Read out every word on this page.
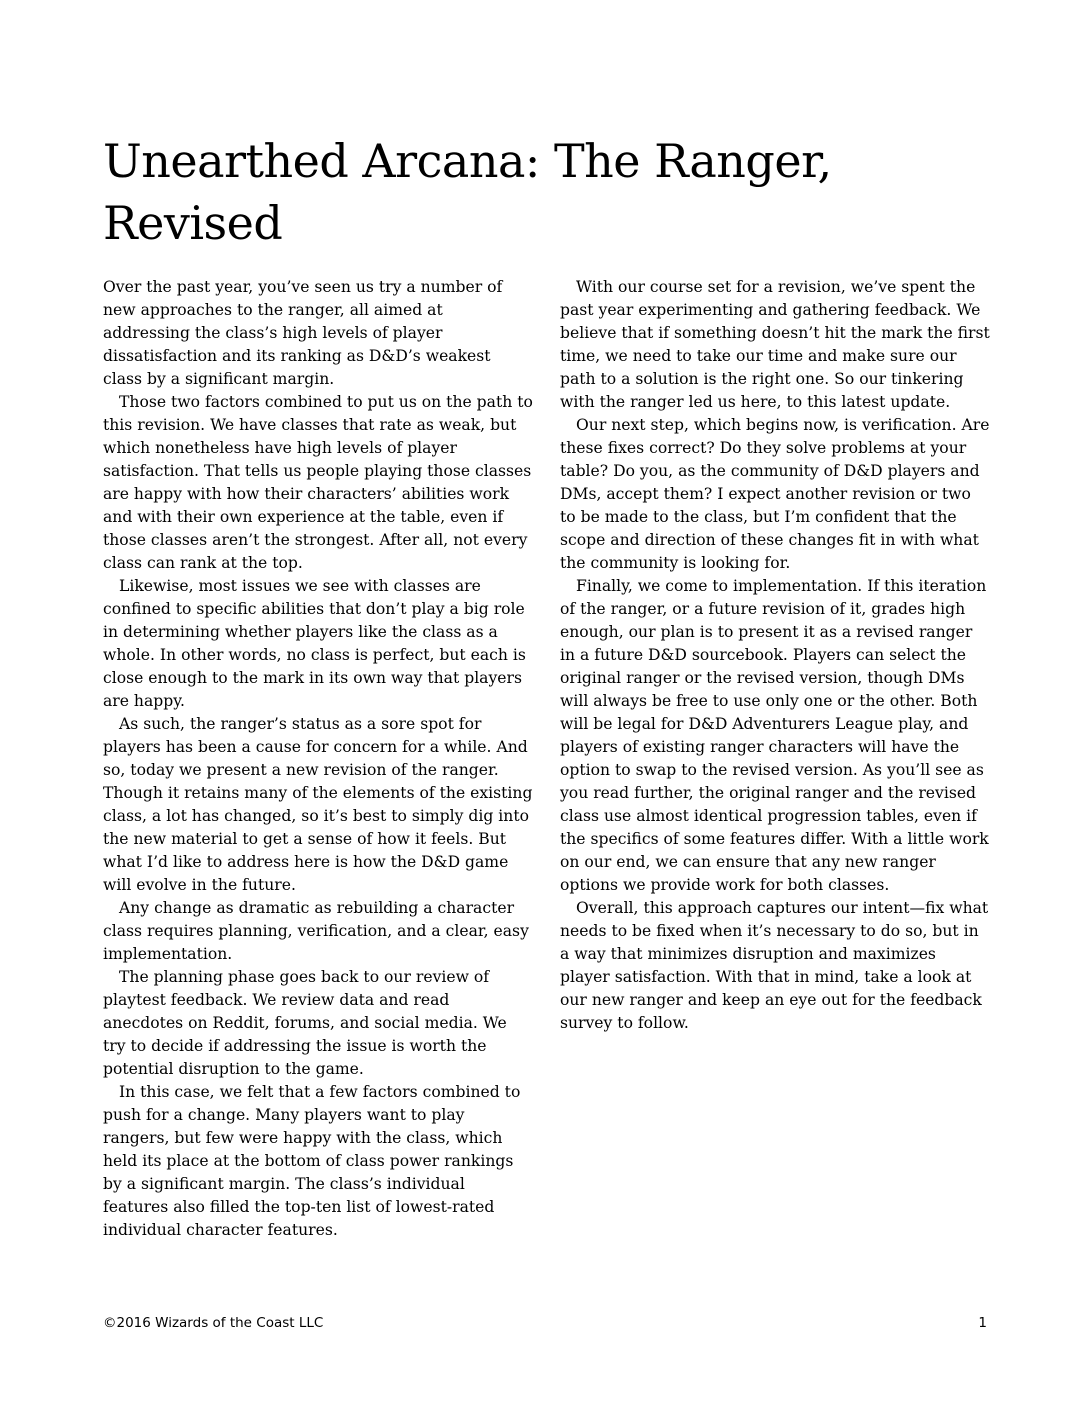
Unearthed Arcana: The Ranger, Revised

Over the past year, you’ve seen us try a number of new approaches to the ranger, all aimed at addressing the class’s high levels of player dissatisfaction and its ranking as D&D’s weakest class by a significant margin.

Those two factors combined to put us on the path to this revision. We have classes that rate as weak, but which nonetheless have high levels of player satisfaction. That tells us people playing those classes are happy with how their characters’ abilities work and with their own experience at the table, even if those classes aren’t the strongest. After all, not every class can rank at the top.

Likewise, most issues we see with classes are confined to specific abilities that don’t play a big role in determining whether players like the class as a whole. In other words, no class is perfect, but each is close enough to the mark in its own way that players are happy.

As such, the ranger’s status as a sore spot for players has been a cause for concern for a while. And so, today we present a new revision of the ranger. Though it retains many of the elements of the existing class, a lot has changed, so it’s best to simply dig into the new material to get a sense of how it feels. But what I’d like to address here is how the D&D game will evolve in the future.

Any change as dramatic as rebuilding a character class requires planning, verification, and a clear, easy implementation.

The planning phase goes back to our review of playtest feedback. We review data and read anecdotes on Reddit, forums, and social media. We try to decide if addressing the issue is worth the potential disruption to the game.

In this case, we felt that a few factors combined to push for a change. Many players want to play rangers, but few were happy with the class, which held its place at the bottom of class power rankings by a significant margin. The class’s individual features also filled the top-ten list of lowest-rated individual character features.

With our course set for a revision, we’ve spent the past year experimenting and gathering feedback. We believe that if something doesn’t hit the mark the first time, we need to take our time and make sure our path to a solution is the right one. So our tinkering with the ranger led us here, to this latest update.

Our next step, which begins now, is verification. Are these fixes correct? Do they solve problems at your table? Do you, as the community of D&D players and DMs, accept them? I expect another revision or two to be made to the class, but I’m confident that the scope and direction of these changes fit in with what the community is looking for.

Finally, we come to implementation. If this iteration of the ranger, or a future revision of it, grades high enough, our plan is to present it as a revised ranger in a future D&D sourcebook. Players can select the original ranger or the revised version, though DMs will always be free to use only one or the other. Both will be legal for D&D Adventurers League play, and players of existing ranger characters will have the option to swap to the revised version. As you’ll see as you read further, the original ranger and the revised class use almost identical progression tables, even if the specifics of some features differ. With a little work on our end, we can ensure that any new ranger options we provide work for both classes.

Overall, this approach captures our intent—fix what needs to be fixed when it’s necessary to do so, but in a way that minimizes disruption and maximizes player satisfaction. With that in mind, take a look at our new ranger and keep an eye out for the feedback survey to follow.

©2016 Wizards of the Coast LLC	1
